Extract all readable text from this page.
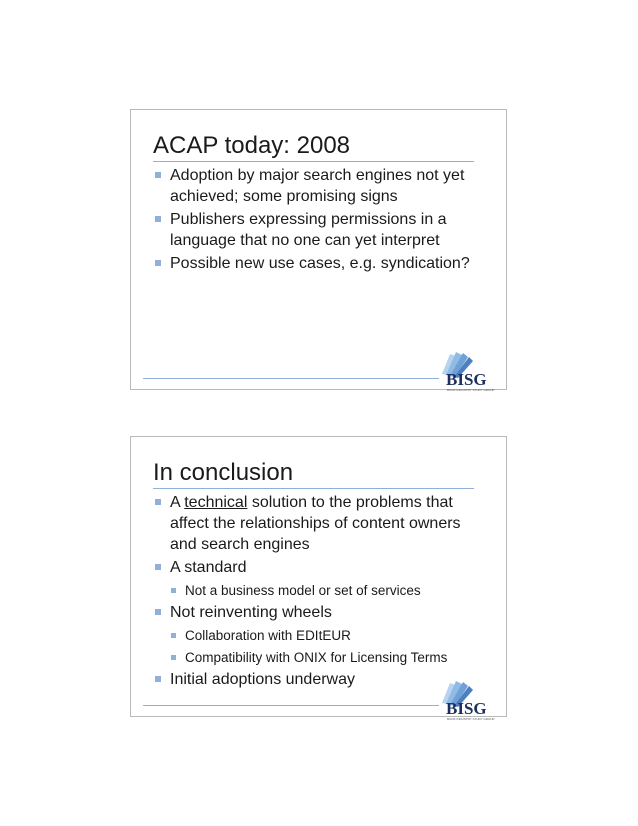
ACAP today: 2008
Adoption by major search engines not yet
achieved; some promising signs
Publishers expressing permissions in a
language that no one can yet interpret
Possible new use cases, e.g. syndication?
BISG
BOOK INDUSTRY STUDY GROUP
In conclusion
A technical solution to the problems that
affect the relationships of content owners
and search engines
A standard
Not a business model or set of services
Not reinventing wheels
Collaboration with EDItEUR
Compatibility with ONIX for Licensing Terms
Initial adoptions underway
BISG
BOOK INDUSTRY STUDY GROUP
